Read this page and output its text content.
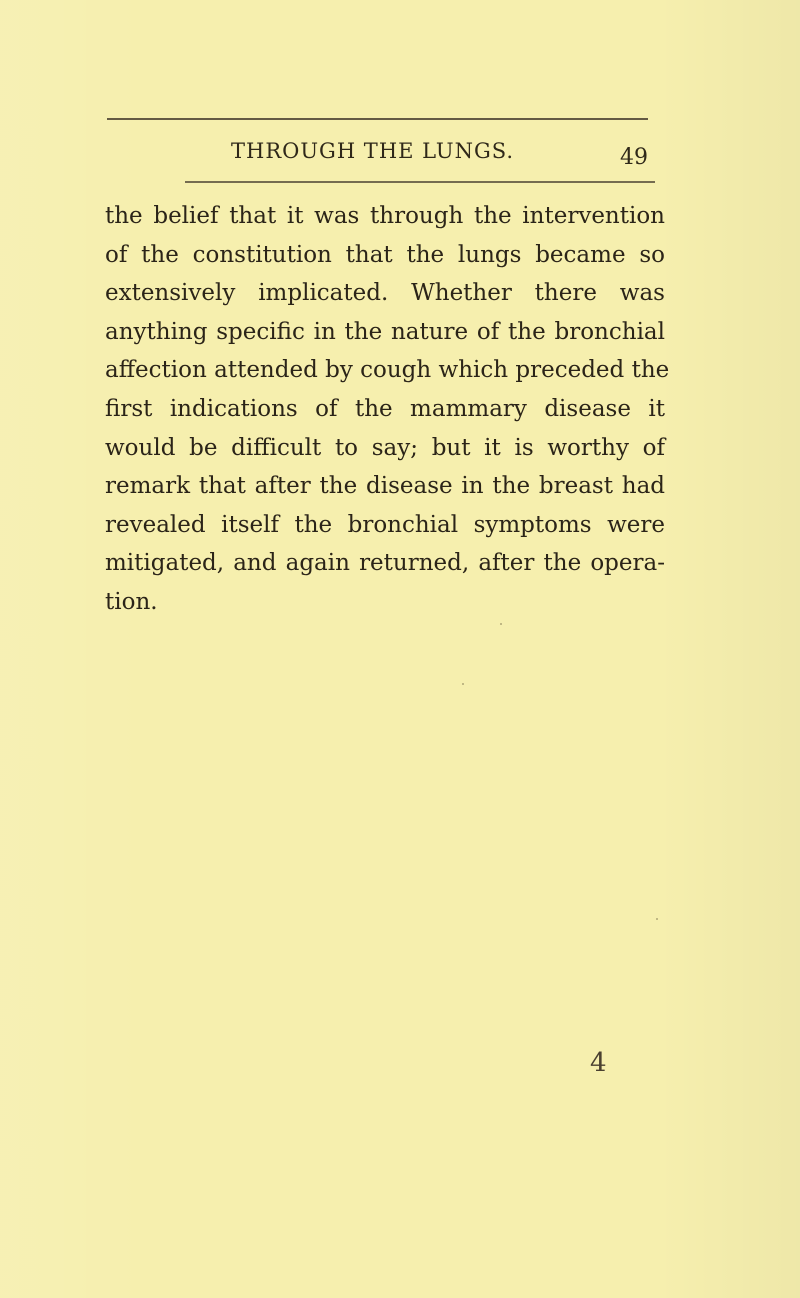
THROUGH THE LUNGS.	49
the belief that it was through the intervention
of the constitution that the lungs became so
extensively implicated. Whether there was
anything specific in the nature of the bronchial
affection attended by cough which preceded the
first indications of the mammary disease it
would be difficult to say; but it is worthy of
remark that after the disease in the breast had
revealed itself the bronchial symptoms were
mitigated, and again returned, after the opera-
tion.
4
